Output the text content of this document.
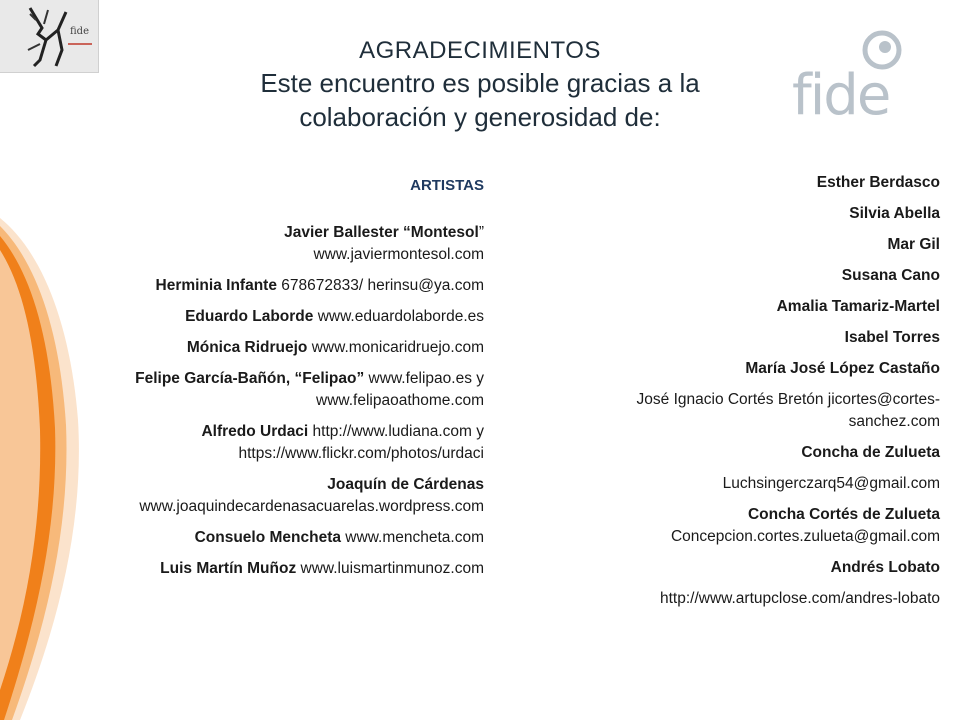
fide
fide
AGRADECIMIENTOS
Este encuentro es posible gracias a la
colaboración y generosidad de:
ARTISTAS
Javier Ballester “Montesol”
www.javiermontesol.com
Herminia Infante 678672833/ herinsu@ya.com
Eduardo Laborde www.eduardolaborde.es
Mónica Ridruejo www.monicaridruejo.com
Felipe García-Bañón, “Felipao” www.felipao.es y
www.felipaoathome.com
Alfredo Urdaci http://www.ludiana.com y
https://www.flickr.com/photos/urdaci
Joaquín de Cárdenas
www.joaquindecardenasacuarelas.wordpress.com
Consuelo Mencheta www.mencheta.com
Luis Martín Muñoz www.luismartinmunoz.com
Esther Berdasco
Silvia Abella
Mar Gil
Susana Cano
Amalia Tamariz-Martel
Isabel Torres
María José López Castaño
José Ignacio Cortés Bretón jicortes@cortes-sanchez.com
Concha de Zulueta
Luchsingerczarq54@gmail.com
Concha Cortés de Zulueta
Concepcion.cortes.zulueta@gmail.com
Andrés Lobato
http://www.artupclose.com/andres-lobato
